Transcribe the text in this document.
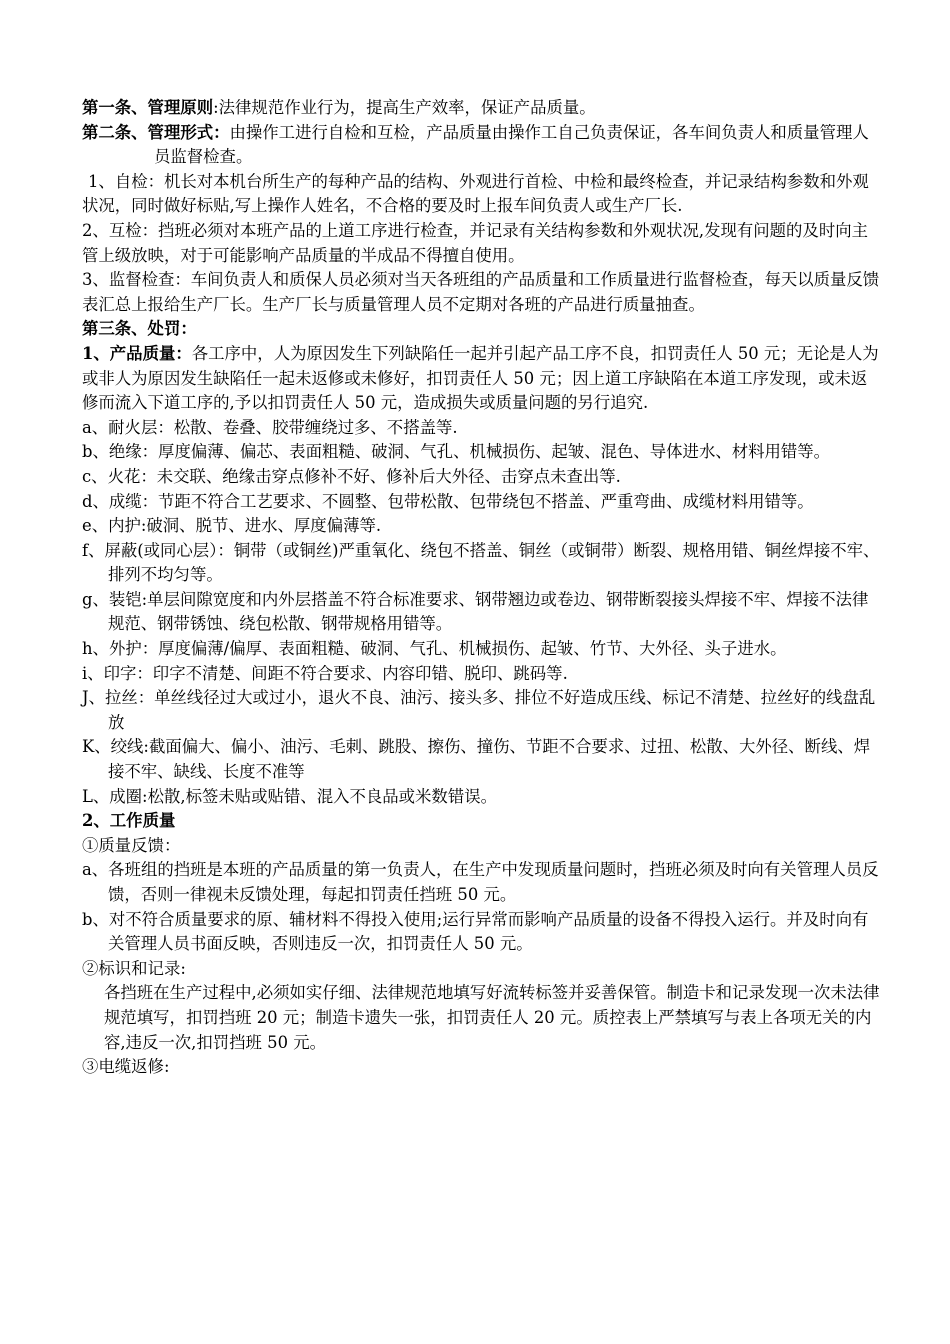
第一条、管理原则:法律规范作业行为，提高生产效率，保证产品质量。

第二条、管理形式：由操作工进行自检和互检，产品质量由操作工自己负责保证，各车间负责人和质量管理人员监督检查。

1、自检：机长对本机台所生产的每种产品的结构、外观进行首检、中检和最终检查，并记录结构参数和外观状况，同时做好标贴,写上操作人姓名，不合格的要及时上报车间负责人或生产厂长.

2、互检：挡班必须对本班产品的上道工序进行检查，并记录有关结构参数和外观状况,发现有问题的及时向主管上级放映，对于可能影响产品质量的半成品不得擅自使用。

3、监督检查：车间负责人和质保人员必须对当天各班组的产品质量和工作质量进行监督检查，每天以质量反馈表汇总上报给生产厂长。生产厂长与质量管理人员不定期对各班的产品进行质量抽查。

第三条、处罚：

1、产品质量：各工序中，人为原因发生下列缺陷任一起并引起产品工序不良，扣罚责任人 50 元；无论是人为或非人为原因发生缺陷任一起未返修或未修好，扣罚责任人 50 元；因上道工序缺陷在本道工序发现，或未返修而流入下道工序的,予以扣罚责任人 50 元，造成损失或质量问题的另行追究.

a、耐火层：松散、卷叠、胶带缠绕过多、不搭盖等.

b、绝缘：厚度偏薄、偏芯、表面粗糙、破洞、气孔、机械损伤、起皱、混色、导体进水、材料用错等。

c、火花：未交联、绝缘击穿点修补不好、修补后大外径、击穿点未查出等.

d、成缆：节距不符合工艺要求、不圆整、包带松散、包带绕包不搭盖、严重弯曲、成缆材料用错等。

e、内护:破洞、脱节、进水、厚度偏薄等.

f、屏蔽(或同心层）：铜带（或铜丝)严重氧化、绕包不搭盖、铜丝（或铜带）断裂、规格用错、铜丝焊接不牢、排列不均匀等。

g、装铠:单层间隙宽度和内外层搭盖不符合标准要求、钢带翘边或卷边、钢带断裂接头焊接不牢、焊接不法律规范、钢带锈蚀、绕包松散、钢带规格用错等。

h、外护：厚度偏薄/偏厚、表面粗糙、破洞、气孔、机械损伤、起皱、竹节、大外径、头子进水。

i、印字：印字不清楚、间距不符合要求、内容印错、脱印、跳码等.

J、拉丝：单丝线径过大或过小，退火不良、油污、接头多、排位不好造成压线、标记不清楚、拉丝好的线盘乱放

K、绞线:截面偏大、偏小、油污、毛刺、跳股、擦伤、撞伤、节距不合要求、过扭、松散、大外径、断线、焊接不牢、缺线、长度不准等

L、成圈:松散,标签未贴或贴错、混入不良品或米数错误。

2、工作质量

①质量反馈：

a、各班组的挡班是本班的产品质量的第一负责人，在生产中发现质量问题时，挡班必须及时向有关管理人员反馈，否则一律视未反馈处理，每起扣罚责任挡班 50 元。

b、对不符合质量要求的原、辅材料不得投入使用;运行异常而影响产品质量的设备不得投入运行。并及时向有关管理人员书面反映，否则违反一次，扣罚责任人 50 元。

②标识和记录:

各挡班在生产过程中,必须如实仔细、法律规范地填写好流转标签并妥善保管。制造卡和记录发现一次未法律规范填写，扣罚挡班 20 元；制造卡遗失一张，扣罚责任人 20 元。质控表上严禁填写与表上各项无关的内容,违反一次,扣罚挡班 50 元。

③电缆返修:
